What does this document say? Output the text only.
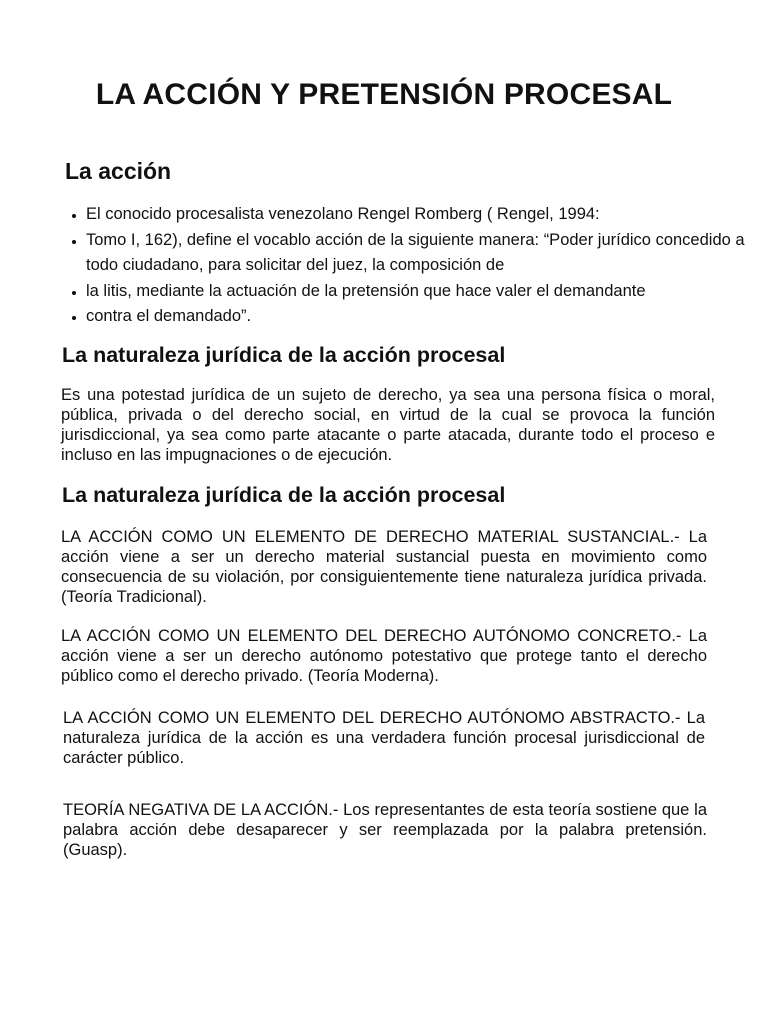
LA ACCIÓN Y PRETENSIÓN PROCESAL
La acción
• El conocido procesalista venezolano Rengel Romberg ( Rengel, 1994:
• Tomo I, 162), define el vocablo acción de la siguiente manera: “Poder jurídico concedido a todo ciudadano, para solicitar del juez, la composición de
• la litis, mediante la actuación de la pretensión que hace valer el demandante
• contra el demandado”.
La naturaleza jurídica de la acción procesal

Es una potestad jurídica de un sujeto de derecho, ya sea una persona física o moral, pública, privada o del derecho social, en virtud de la cual se provoca la función jurisdiccional, ya sea como parte atacante o parte atacada, durante todo el proceso e incluso en las impugnaciones o de ejecución.

La naturaleza jurídica de la acción procesal

LA ACCIÓN COMO UN ELEMENTO DE DERECHO MATERIAL SUSTANCIAL.- La acción viene a ser un derecho material sustancial puesta en movimiento como consecuencia de su violación, por consiguientemente tiene naturaleza jurídica privada. (Teoría Tradicional).

LA ACCIÓN COMO UN ELEMENTO DEL DERECHO AUTÓNOMO CONCRETO.- La acción viene a ser un derecho autónomo potestativo que protege tanto el derecho público como el derecho privado. (Teoría Moderna).

LA ACCIÓN COMO UN ELEMENTO DEL DERECHO AUTÓNOMO ABSTRACTO.- La naturaleza jurídica de la acción es una verdadera función procesal jurisdiccional de carácter público.

TEORÍA NEGATIVA DE LA ACCIÓN.- Los representantes de esta teoría sostiene que la palabra acción debe desaparecer y ser reemplazada por la palabra pretensión. (Guasp).
